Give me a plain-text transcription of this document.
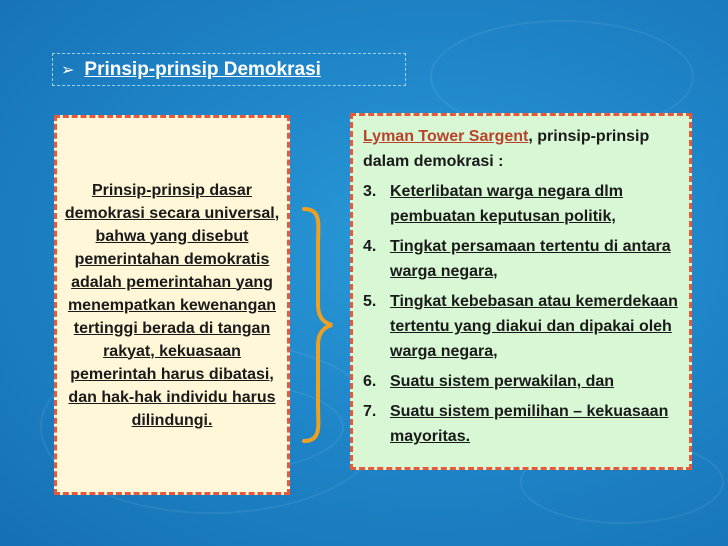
➢ Prinsip-prinsip Demokrasi

Prinsip-prinsip dasar demokrasi secara universal, bahwa yang disebut pemerintahan demokratis adalah pemerintahan yang menempatkan kewenangan tertinggi berada di tangan rakyat, kekuasaan pemerintah harus dibatasi, dan hak-hak individu harus dilindungi.

Lyman Tower Sargent, prinsip-prinsip dalam demokrasi :

3. Keterlibatan warga negara dlm pembuatan keputusan politik,
4. Tingkat persamaan tertentu di antara warga negara,
5. Tingkat kebebasan atau kemerdekaan tertentu yang diakui dan dipakai oleh warga negara,
6. Suatu sistem perwakilan, dan
7. Suatu sistem pemilihan – kekuasaan mayoritas.
